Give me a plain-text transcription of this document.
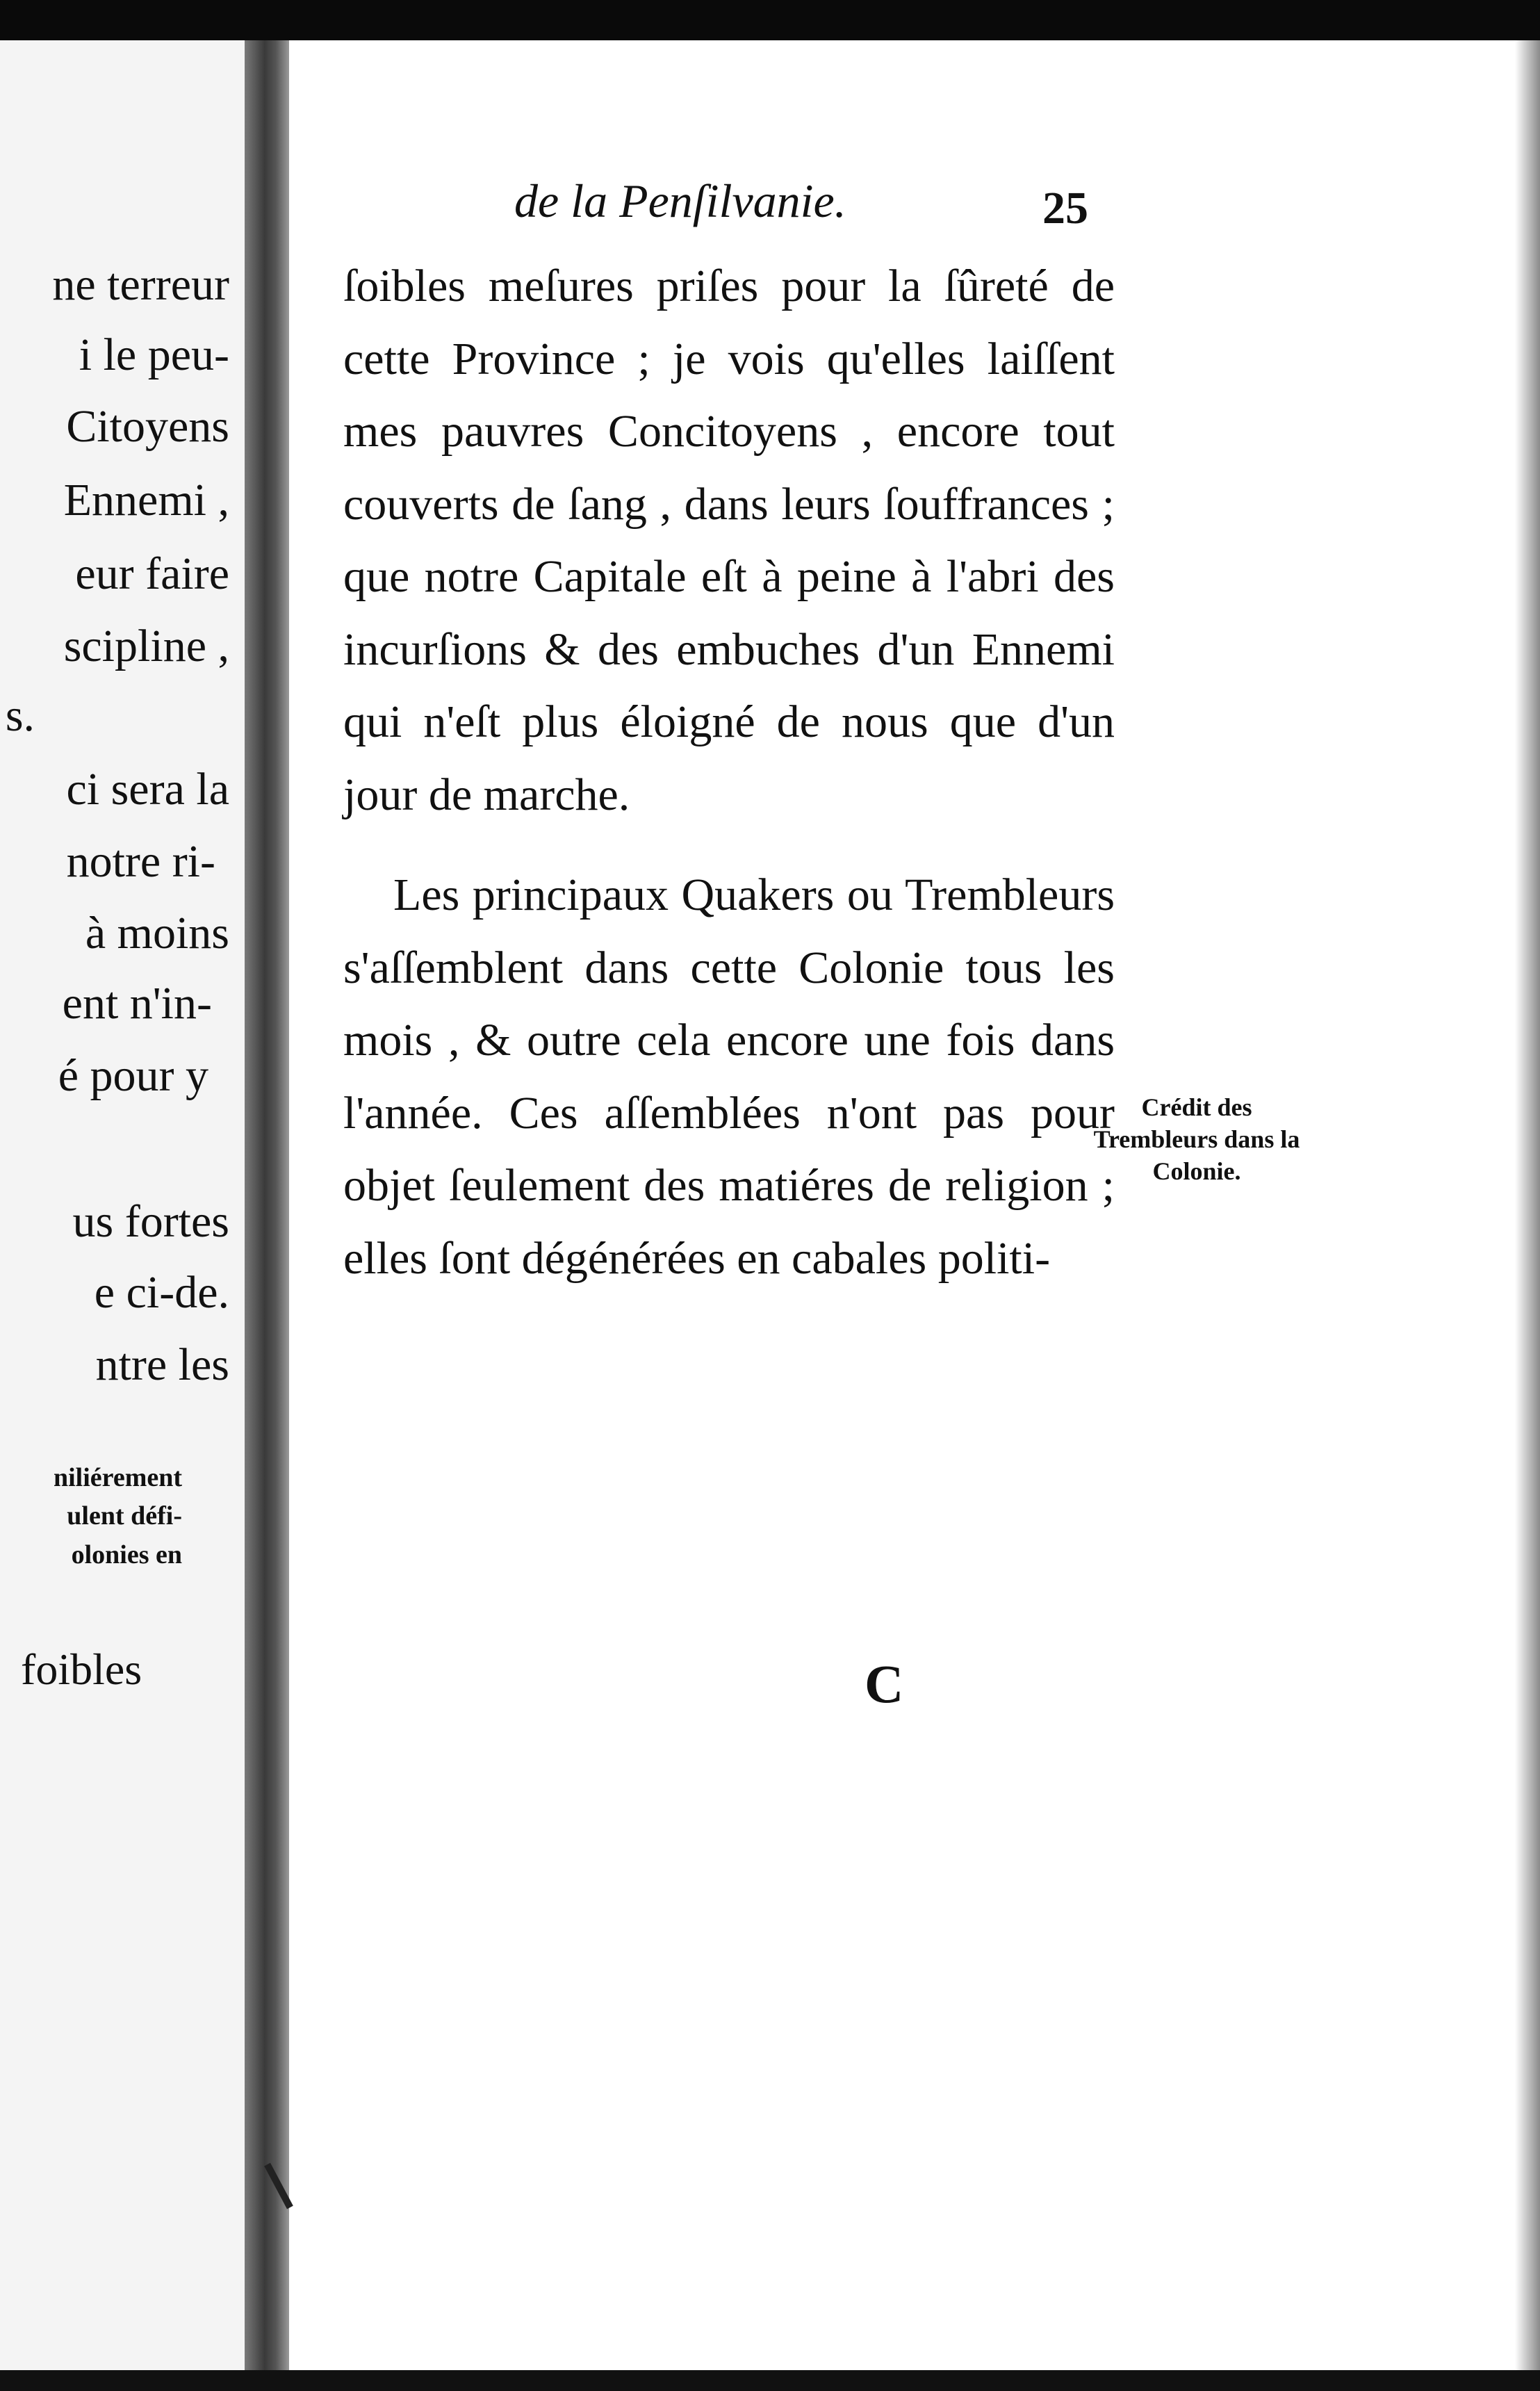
ne terreur
i le peu-
Citoyens
Ennemi ,
eur faire
scipline ,
s.
ci sera la
notre ri-
à moins
ent n'in-
é pour y
us fortes
e ci-de.
ntre les
niliérement
ulent défi-
olonies en
foibles
de la Penſilvanie.	25

ſoibles meſures priſes pour la ſûreté de cette Province ; je vois qu'elles laiſſent mes pauvres Concitoyens , encore tout couverts de ſang , dans leurs ſouffrances ; que notre Capitale eſt à peine à l'abri des incurſions & des embuches d'un Ennemi qui n'eſt plus éloigné de nous que d'un jour de marche.

Les principaux Quakers ou Trembleurs s'aſſemblent dans cette Colonie tous les mois , & outre cela encore une fois dans l'année. Ces aſſemblées n'ont pas pour objet ſeulement des matiéres de religion ; elles ſont dégénérées en cabales politi-

Crédit des Trembleurs dans la Colonie.
C
